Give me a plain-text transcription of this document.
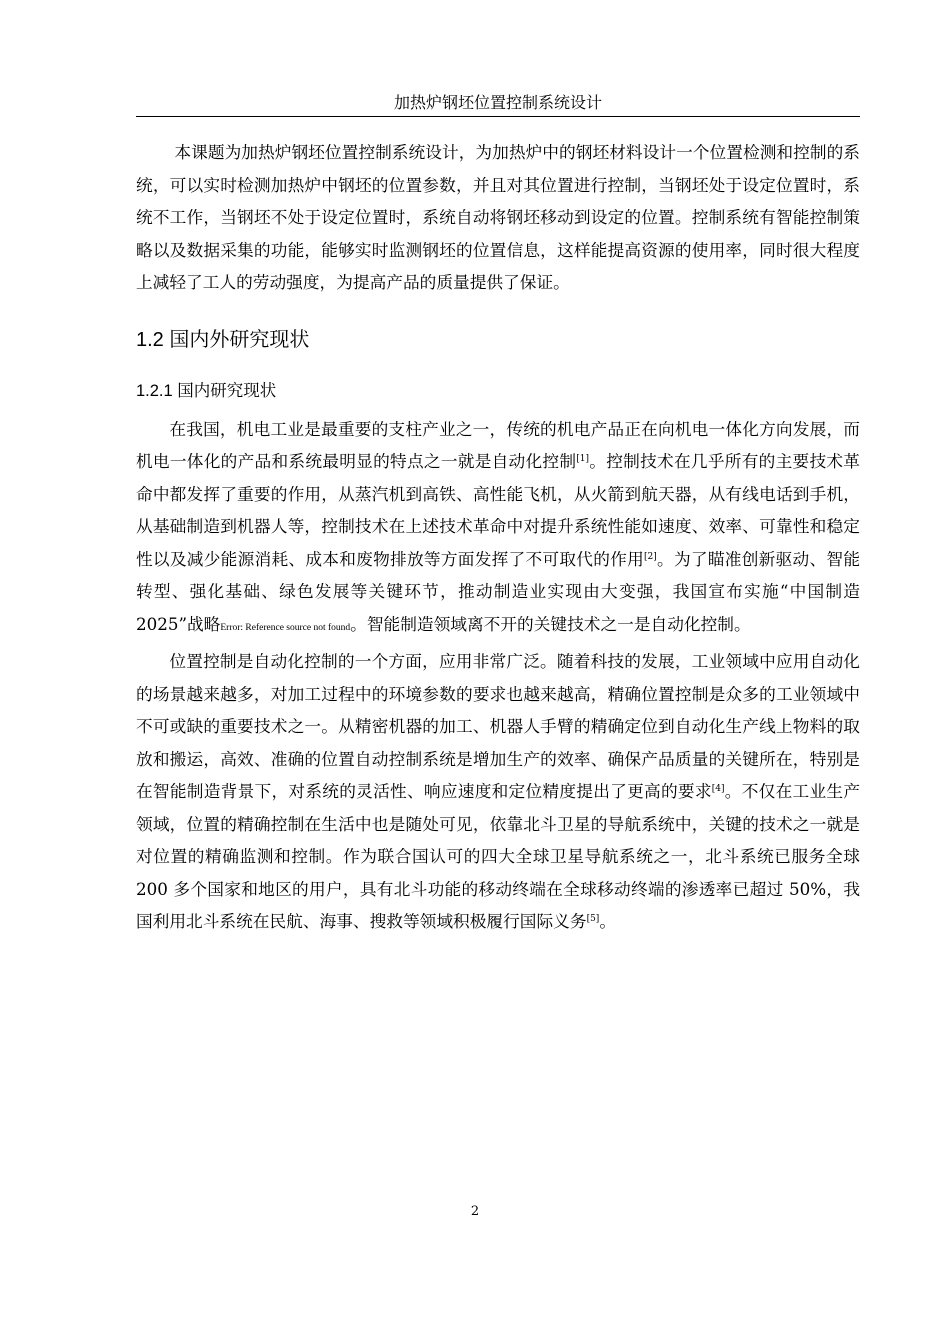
加热炉钢坯位置控制系统设计

本课题为加热炉钢坯位置控制系统设计，为加热炉中的钢坯材料设计一个位置检测和控制的系统，可以实时检测加热炉中钢坯的位置参数，并且对其位置进行控制，当钢坯处于设定位置时，系统不工作，当钢坯不处于设定位置时，系统自动将钢坯移动到设定的位置。控制系统有智能控制策略以及数据采集的功能，能够实时监测钢坯的位置信息，这样能提高资源的使用率，同时很大程度上减轻了工人的劳动强度，为提高产品的质量提供了保证。

1.2 国内外研究现状
1.2.1 国内研究现状

在我国，机电工业是最重要的支柱产业之一，传统的机电产品正在向机电一体化方向发展，而机电一体化的产品和系统最明显的特点之一就是自动化控制[1]。控制技术在几乎所有的主要技术革命中都发挥了重要的作用，从蒸汽机到高铁、高性能飞机，从火箭到航天器，从有线电话到手机，从基础制造到机器人等，控制技术在上述技术革命中对提升系统性能如速度、效率、可靠性和稳定性以及减少能源消耗、成本和废物排放等方面发挥了不可取代的作用[2]。为了瞄准创新驱动、智能转型、强化基础、绿色发展等关键环节，推动制造业实现由大变强，我国宣布实施“中国制造 2025”战略Error: Reference source not found。智能制造领域离不开的关键技术之一是自动化控制。

位置控制是自动化控制的一个方面，应用非常广泛。随着科技的发展，工业领域中应用自动化的场景越来越多，对加工过程中的环境参数的要求也越来越高，精确位置控制是众多的工业领域中不可或缺的重要技术之一。从精密机器的加工、机器人手臂的精确定位到自动化生产线上物料的取放和搬运，高效、准确的位置自动控制系统是增加生产的效率、确保产品质量的关键所在，特别是在智能制造背景下，对系统的灵活性、响应速度和定位精度提出了更高的要求[4]。不仅在工业生产领域，位置的精确控制在生活中也是随处可见，依靠北斗卫星的导航系统中，关键的技术之一就是对位置的精确监测和控制。作为联合国认可的四大全球卫星导航系统之一，北斗系统已服务全球 200 多个国家和地区的用户，具有北斗功能的移动终端在全球移动终端的渗透率已超过 50%，我国利用北斗系统在民航、海事、搜救等领域积极履行国际义务[5]。

2
